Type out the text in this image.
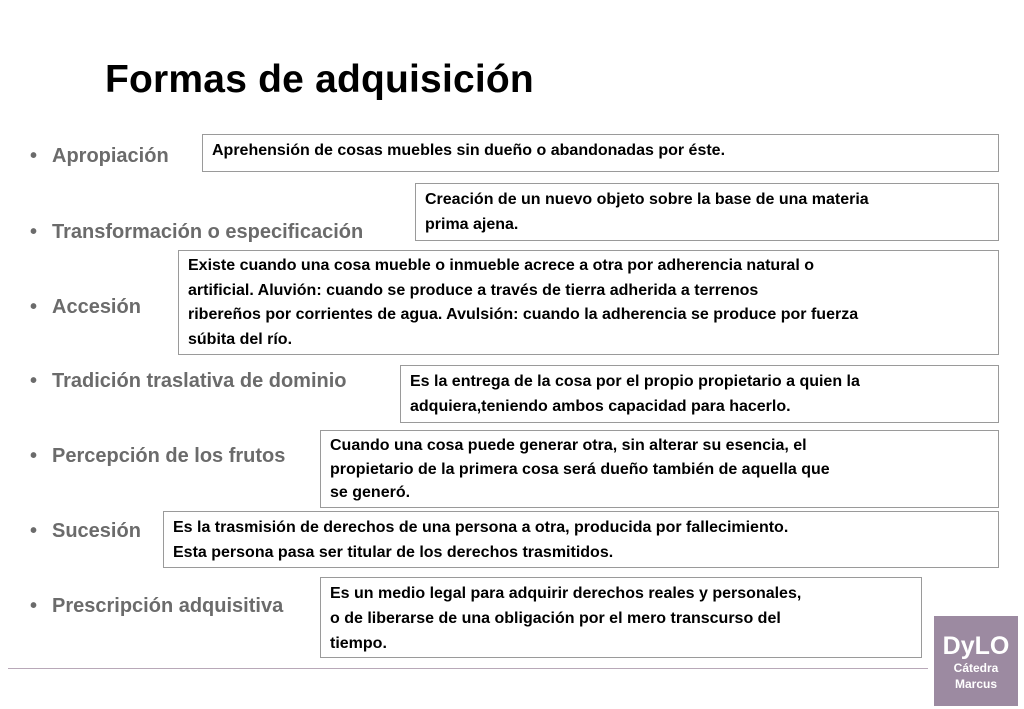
Formas de adquisición
• Apropiación
• Transformación o especificación
• Accesión
• Tradición traslativa de dominio
• Percepción de los frutos
• Sucesión
• Prescripción adquisitiva
Aprehensión de cosas muebles sin dueño o abandonadas por éste.
Creación de un nuevo objeto sobre la base de una materia
prima ajena.
Existe cuando una cosa mueble o inmueble acrece a otra por adherencia natural o
artificial. Aluvión: cuando se produce a través de tierra adherida a terrenos
ribereños por corrientes de agua. Avulsión: cuando la adherencia se produce por fuerza
súbita del río.
Es la entrega de la cosa por el propio propietario a quien la
adquiera,teniendo ambos capacidad para hacerlo.
Cuando una cosa puede generar otra, sin alterar su esencia, el
propietario de la primera cosa será dueño también de aquella que
se generó.
Es la trasmisión de derechos de una persona a otra, producida por fallecimiento.
Esta persona pasa ser titular de los derechos trasmitidos.
Es un medio legal para adquirir derechos reales y personales,
o de liberarse de una obligación por el mero transcurso del
tiempo.	DyLO
Cátedra
Marcus
